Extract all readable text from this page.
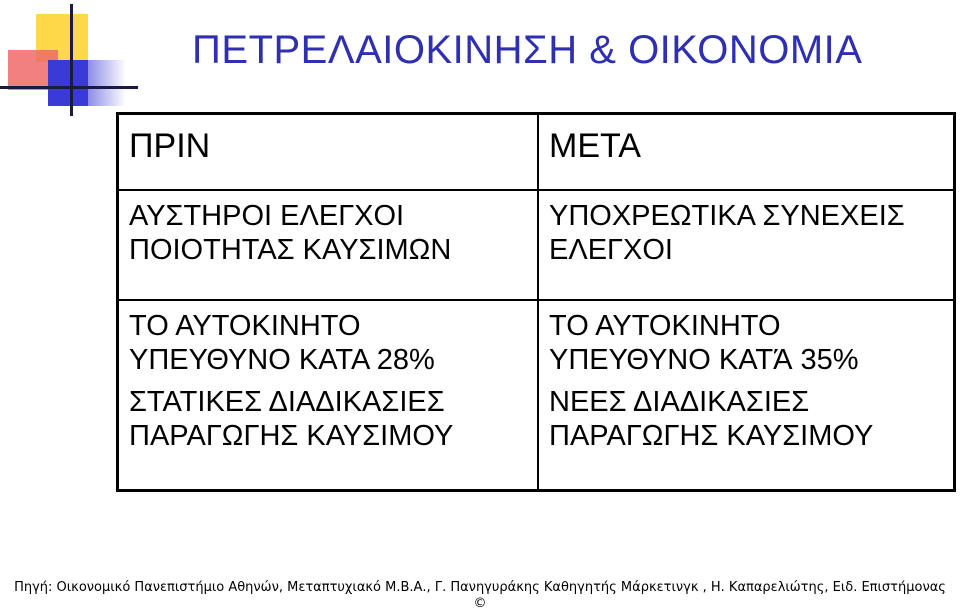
ΠΕΤΡΕΛΑΙΟΚΙΝΗΣΗ & ΟΙΚΟΝΟΜΙΑ
ΠΡΙΝ	ΜΕΤΑ
ΑΥΣΤΗΡΟΙ ΕΛΕΓΧΟΙ
ΠΟΙΟΤΗΤΑΣ ΚΑΥΣΙΜΩΝ
ΥΠΟΧΡΕΩΤΙΚΑ ΣΥΝΕΧΕΙΣ
ΕΛΕΓΧΟΙ
ΤΟ ΑΥΤΟΚΙΝΗΤΟ
ΥΠΕΥΘΥΝΟ ΚΑΤΑ 28%
ΣΤΑΤΙΚΕΣ ΔΙΑΔΙΚΑΣΙΕΣ
ΠΑΡΑΓΩΓΗΣ ΚΑΥΣΙΜΟΥ
ΤΟ ΑΥΤΟΚΙΝΗΤΟ
ΥΠΕΥΘΥΝΟ ΚΑΤΆ 35%
ΝΕΕΣ ΔΙΑΔΙΚΑΣΙΕΣ
ΠΑΡΑΓΩΓΗΣ ΚΑΥΣΙΜΟΥ
Πηγή: Οικονομικό Πανεπιστήμιο Αθηνών, Μεταπτυχιακό Μ.Β.Α., Γ. Πανηγυράκης Καθηγητής Μάρκετινγκ , Η. Καπαρελιώτης, Ειδ. Επιστήμονας
©
